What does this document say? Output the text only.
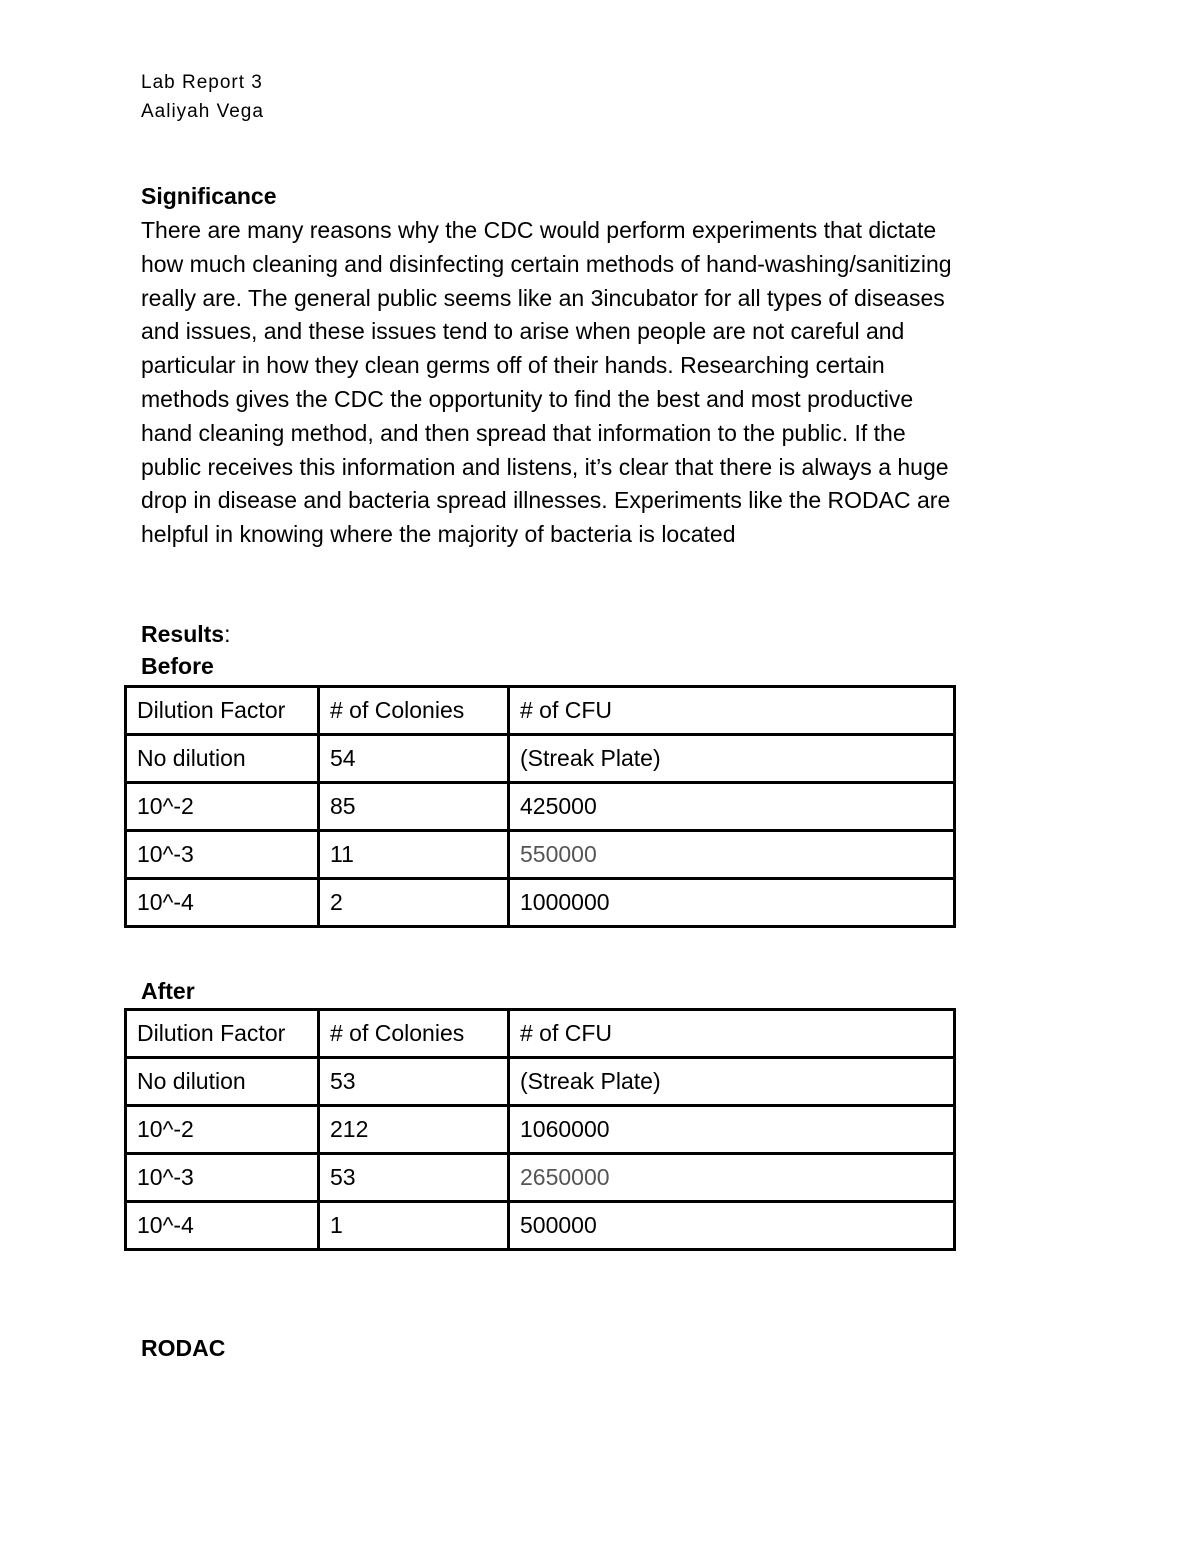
Lab Report 3
Aaliyah Vega
Significance
There are many reasons why the CDC would perform experiments that dictate
how much cleaning and disinfecting certain methods of hand-washing/sanitizing
really are. The general public seems like an 3incubator for all types of diseases
and issues, and these issues tend to arise when people are not careful and
particular in how they clean germs off of their hands. Researching certain
methods gives the CDC the opportunity to find the best and most productive
hand cleaning method, and then spread that information to the public. If the
public receives this information and listens, it’s clear that there is always a huge
drop in disease and bacteria spread illnesses. Experiments like the RODAC are
helpful in knowing where the majority of bacteria is located
Results:
Before
Dilution Factor	# of Colonies	# of CFU
No dilution	54	(Streak Plate)
10^-2	85	425000
10^-3	11	550000
10^-4	2	1000000
After
Dilution Factor	# of Colonies	# of CFU
No dilution	53	(Streak Plate)
10^-2	212	1060000
10^-3	53	2650000
10^-4	1	500000
RODAC
